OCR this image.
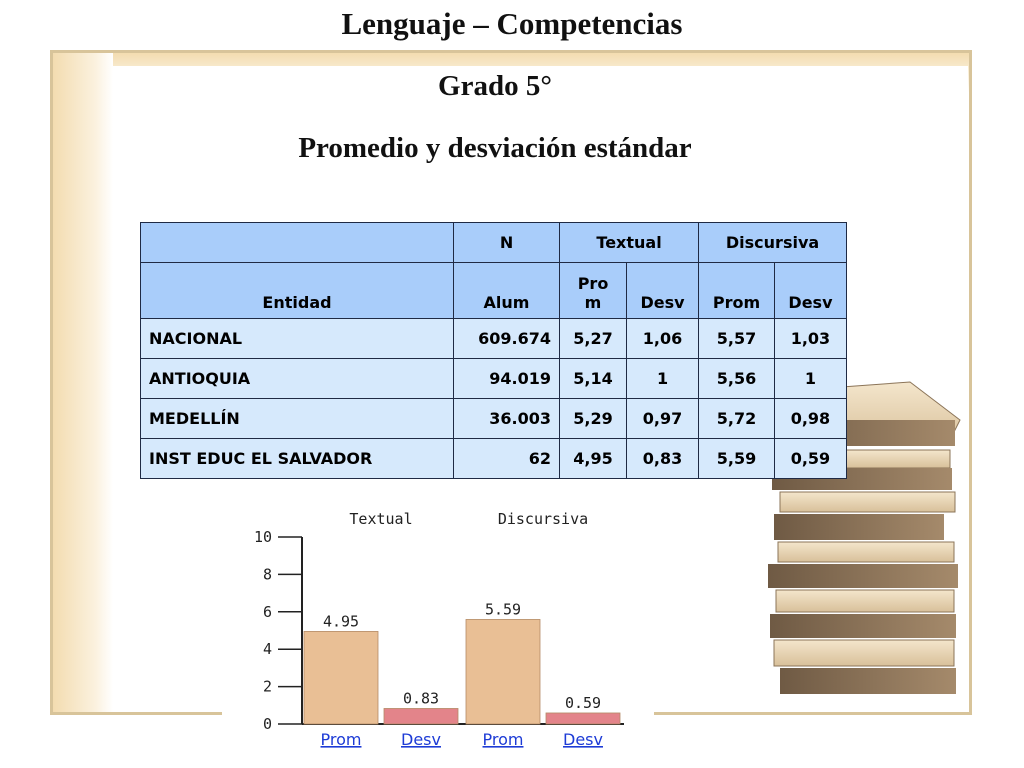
Lenguaje – Competencias
Grado 5°
Promedio y desviación estándar
	N	Textual		Discursiva	
Entidad	Alum	Pro m	Desv	Prom	Desv
NACIONAL	609.674	5,27	1,06	5,57	1,03
ANTIOQUIA	94.019	5,14	1	5,56	1
MEDELLÍN	36.003	5,29	0,97	5,72	0,98
INST EDUC EL SALVADOR	62	4,95	0,83	5,59	0,59
0
2
4
6
8
10
Textual	Discursiva
4.95
Prom
0.83
Desv
5.59
Prom
0.59
Desv
